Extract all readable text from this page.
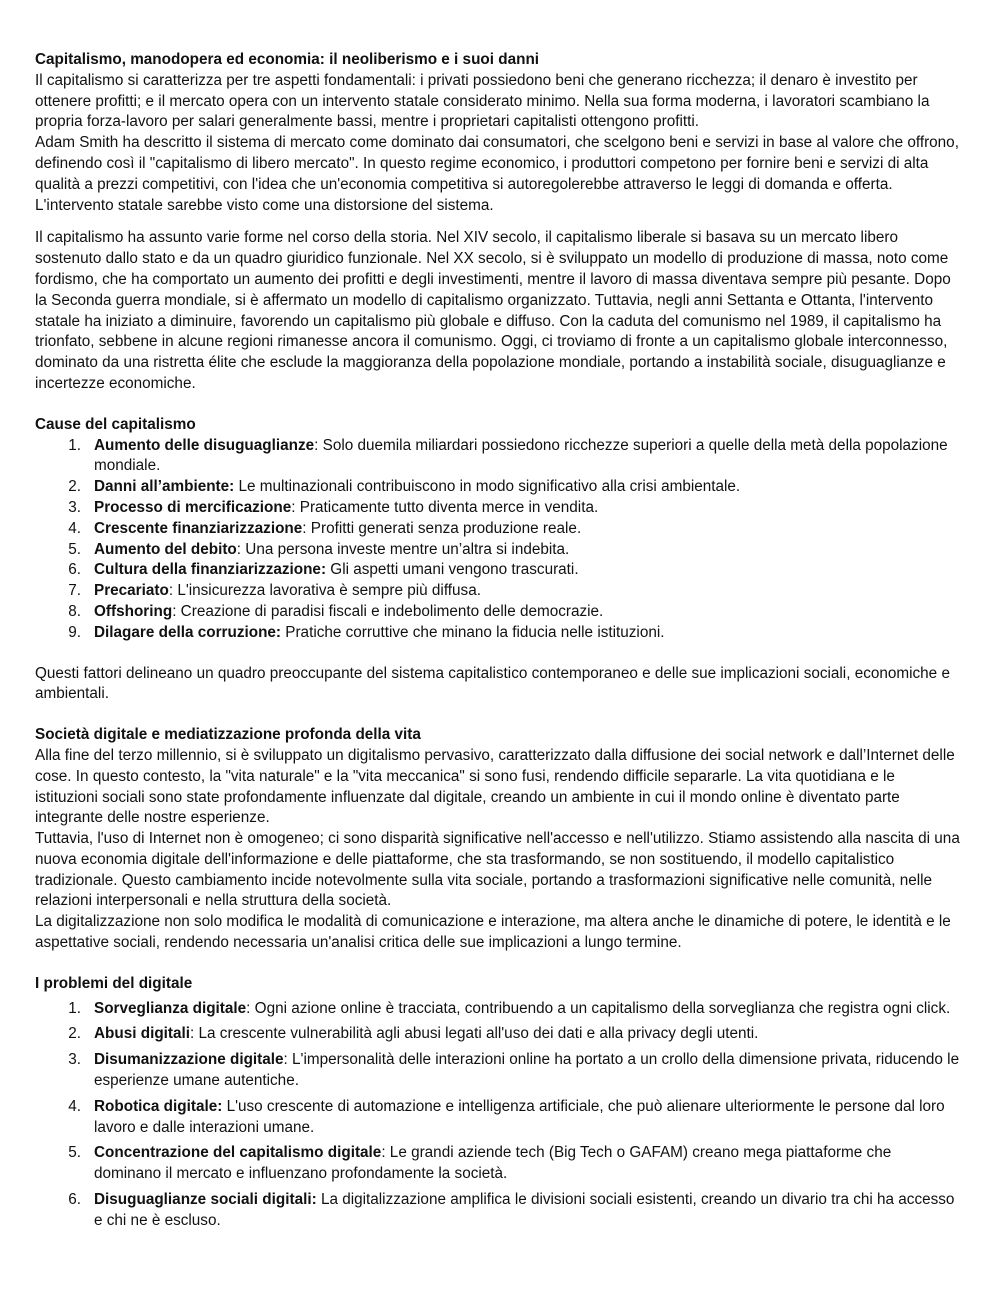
Capitalismo, manodopera ed economia: il neoliberismo e i suoi danni

Il capitalismo si caratterizza per tre aspetti fondamentali: i privati possiedono beni che generano ricchezza; il denaro è investito per ottenere profitti; e il mercato opera con un intervento statale considerato minimo. Nella sua forma moderna, i lavoratori scambiano la propria forza-lavoro per salari generalmente bassi, mentre i proprietari capitalisti ottengono profitti.

Adam Smith ha descritto il sistema di mercato come dominato dai consumatori, che scelgono beni e servizi in base al valore che offrono, definendo così il "capitalismo di libero mercato". In questo regime economico, i produttori competono per fornire beni e servizi di alta qualità a prezzi competitivi, con l'idea che un'economia competitiva si autoregolerebbe attraverso le leggi di domanda e offerta. L'intervento statale sarebbe visto come una distorsione del sistema.

Il capitalismo ha assunto varie forme nel corso della storia. Nel XIV secolo, il capitalismo liberale si basava su un mercato libero sostenuto dallo stato e da un quadro giuridico funzionale. Nel XX secolo, si è sviluppato un modello di produzione di massa, noto come fordismo, che ha comportato un aumento dei profitti e degli investimenti, mentre il lavoro di massa diventava sempre più pesante. Dopo la Seconda guerra mondiale, si è affermato un modello di capitalismo organizzato. Tuttavia, negli anni Settanta e Ottanta, l'intervento statale ha iniziato a diminuire, favorendo un capitalismo più globale e diffuso. Con la caduta del comunismo nel 1989, il capitalismo ha trionfato, sebbene in alcune regioni rimanesse ancora il comunismo. Oggi, ci troviamo di fronte a un capitalismo globale interconnesso, dominato da una ristretta élite che esclude la maggioranza della popolazione mondiale, portando a instabilità sociale, disuguaglianze e incertezze economiche.

Cause del capitalismo

1. Aumento delle disuguaglianze: Solo duemila miliardari possiedono ricchezze superiori a quelle della metà della popolazione mondiale.
2. Danni all’ambiente: Le multinazionali contribuiscono in modo significativo alla crisi ambientale.
3. Processo di mercificazione: Praticamente tutto diventa merce in vendita.
4. Crescente finanziarizzazione: Profitti generati senza produzione reale.
5. Aumento del debito: Una persona investe mentre un’altra si indebita.
6. Cultura della finanziarizzazione: Gli aspetti umani vengono trascurati.
7. Precariato: L'insicurezza lavorativa è sempre più diffusa.
8. Offshoring: Creazione di paradisi fiscali e indebolimento delle democrazie.
9. Dilagare della corruzione: Pratiche corruttive che minano la fiducia nelle istituzioni.

Questi fattori delineano un quadro preoccupante del sistema capitalistico contemporaneo e delle sue implicazioni sociali, economiche e ambientali.

Società digitale e mediatizzazione profonda della vita

Alla fine del terzo millennio, si è sviluppato un digitalismo pervasivo, caratterizzato dalla diffusione dei social network e dall’Internet delle cose. In questo contesto, la "vita naturale" e la "vita meccanica" si sono fusi, rendendo difficile separarle. La vita quotidiana e le istituzioni sociali sono state profondamente influenzate dal digitale, creando un ambiente in cui il mondo online è diventato parte integrante delle nostre esperienze.

Tuttavia, l'uso di Internet non è omogeneo; ci sono disparità significative nell'accesso e nell'utilizzo. Stiamo assistendo alla nascita di una nuova economia digitale dell'informazione e delle piattaforme, che sta trasformando, se non sostituendo, il modello capitalistico tradizionale. Questo cambiamento incide notevolmente sulla vita sociale, portando a trasformazioni significative nelle comunità, nelle relazioni interpersonali e nella struttura della società.

La digitalizzazione non solo modifica le modalità di comunicazione e interazione, ma altera anche le dinamiche di potere, le identità e le aspettative sociali, rendendo necessaria un'analisi critica delle sue implicazioni a lungo termine.

I problemi del digitale

1. Sorveglianza digitale: Ogni azione online è tracciata, contribuendo a un capitalismo della sorveglianza che registra ogni click.
2. Abusi digitali: La crescente vulnerabilità agli abusi legati all'uso dei dati e alla privacy degli utenti.
3. Disumanizzazione digitale: L'impersonalità delle interazioni online ha portato a un crollo della dimensione privata, riducendo le esperienze umane autentiche.
4. Robotica digitale: L'uso crescente di automazione e intelligenza artificiale, che può alienare ulteriormente le persone dal loro lavoro e dalle interazioni umane.
5. Concentrazione del capitalismo digitale: Le grandi aziende tech (Big Tech o GAFAM) creano mega piattaforme che dominano il mercato e influenzano profondamente la società.
6. Disuguaglianze sociali digitali: La digitalizzazione amplifica le divisioni sociali esistenti, creando un divario tra chi ha accesso e chi ne è escluso.
